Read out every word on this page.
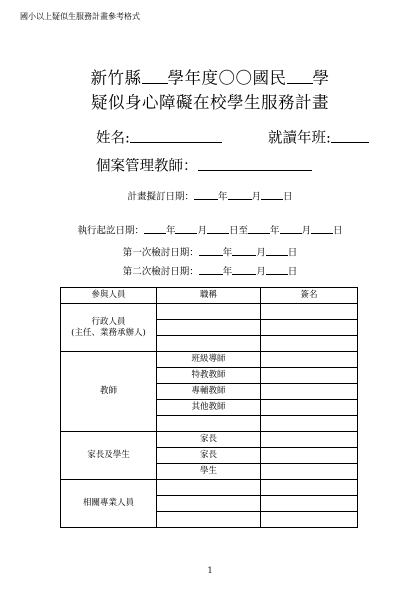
國小以上疑似生服務計畫參考格式
新竹縣 學年度〇〇國民 學
疑似身心障礙在校學生服務計畫
姓名:	就讀年班:
個案管理教師：
計畫擬訂日期：	年	月 日
執行起訖日期： 年 月 日至 年 月 日
第一次檢討日期：	年	月 日
第二次檢討日期：	年	月 日
參與人員	職稱	簽名
行政人員
(主任、業務承辦人)		

教師	班級導師	
	特教教師	
	專輔教師	
	其他教師	

家長及學生	家長	
	家長	
	學生	
相關專業人員		

1
